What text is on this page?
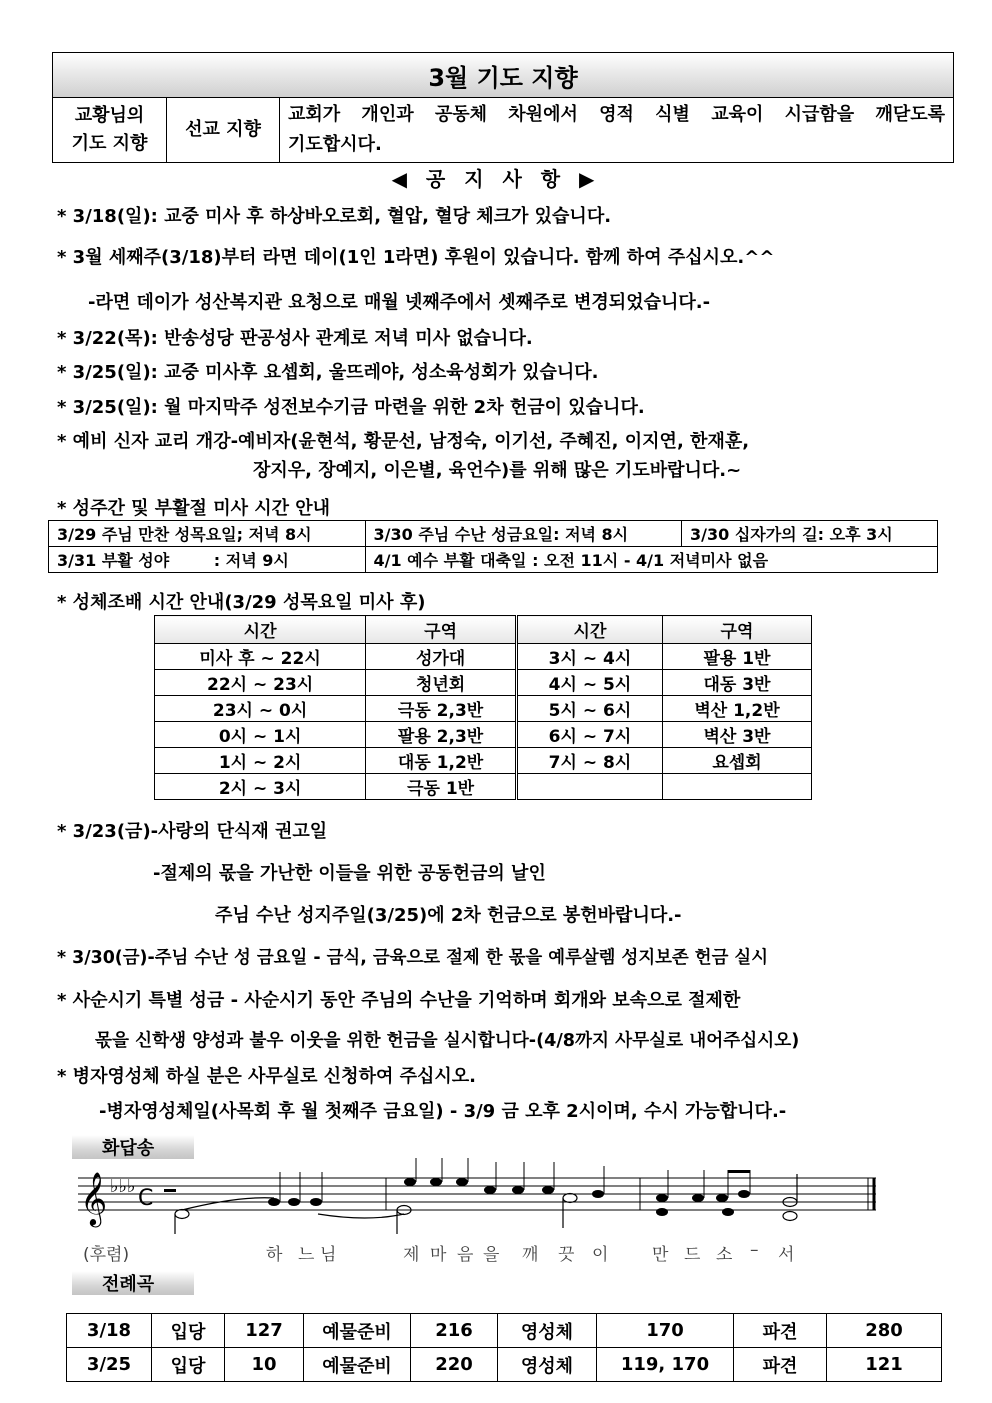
3월 기도 지향
교황님의
기도 지향	선교 지향	
교회가 개인과 공동체 차원에서 영적 식별 교육이 시급함을 깨닫도록
기도합시다.
◀ 공 지 사 항 ▶
* 3/18(일): 교중 미사 후 하상바오로회, 혈압, 혈당 체크가 있습니다.
* 3월 세째주(3/18)부터 라면 데이(1인 1라면) 후원이 있습니다. 함께 하여 주십시오.^^
-라면 데이가 성산복지관 요청으로 매월 넷째주에서 셋째주로 변경되었습니다.-
* 3/22(목): 반송성당 판공성사 관계로 저녁 미사 없습니다.
* 3/25(일): 교중 미사후 요셉회, 울뜨레야, 성소육성회가 있습니다.
* 3/25(일): 월 마지막주 성전보수기금 마련을 위한 2차 헌금이 있습니다.
* 예비 신자 교리 개강-예비자(윤현석, 황문선, 남정숙, 이기선, 주혜진, 이지연, 한재훈,
장지우, 장예지, 이은별, 육언수)를 위해 많은 기도바랍니다.~
* 성주간 및 부활절 미사 시간 안내
3/29 주님 만찬 성목요일; 저녁 8시	3/30 주님 수난 성금요일: 저녁 8시	3/30 십자가의 길: 오후 3시
3/31 부활 성야        : 저녁 9시	4/1 예수 부활 대축일 : 오전 11시 - 4/1 저녁미사 없음	
* 성체조배 시간 안내(3/29 성목요일 미사 후)
시간	구역	시간	구역
미사 후 ~ 22시	성가대	3시 ~ 4시	팔용 1반
22시 ~ 23시	청년회	4시 ~ 5시	대동 3반
23시 ~ 0시	극동 2,3반	5시 ~ 6시	벽산 1,2반
0시 ~ 1시	팔용 2,3반	6시 ~ 7시	벽산 3반
1시 ~ 2시	대동 1,2반	7시 ~ 8시	요셉회
2시 ~ 3시	극동 1반		
* 3/23(금)-사랑의 단식재 권고일
-절제의 몫을 가난한 이들을 위한 공동헌금의 날인
주님 수난 성지주일(3/25)에 2차 헌금으로 봉헌바랍니다.-
* 3/30(금)-주님 수난 성 금요일 - 금식, 금육으로 절제 한 몫을 예루살렘 성지보존 헌금 실시
* 사순시기 특별 성금 - 사순시기 동안 주님의 수난을 기억하며 회개와 보속으로 절제한
몫을 신학생 양성과 불우 이웃을 위한 헌금을 실시합니다-(4/8까지 사무실로 내어주십시오)
* 병자영성체 하실 분은 사무실로 신청하여 주십시오.
-병자영성체일(사목회 후 월 첫째주 금요일) - 3/9 금 오후 2시이며, 수시 가능합니다.-
화답송
𝄞 ♭♭♭ C
(후렴)	하 느 님	제 마 음 을 깨 끗 이	만 드 소 – 서
전례곡
3/18	입당	127	예물준비	216	영성체	170	파견	280
3/25	입당	10	예물준비	220	영성체	119, 170	파견	121
